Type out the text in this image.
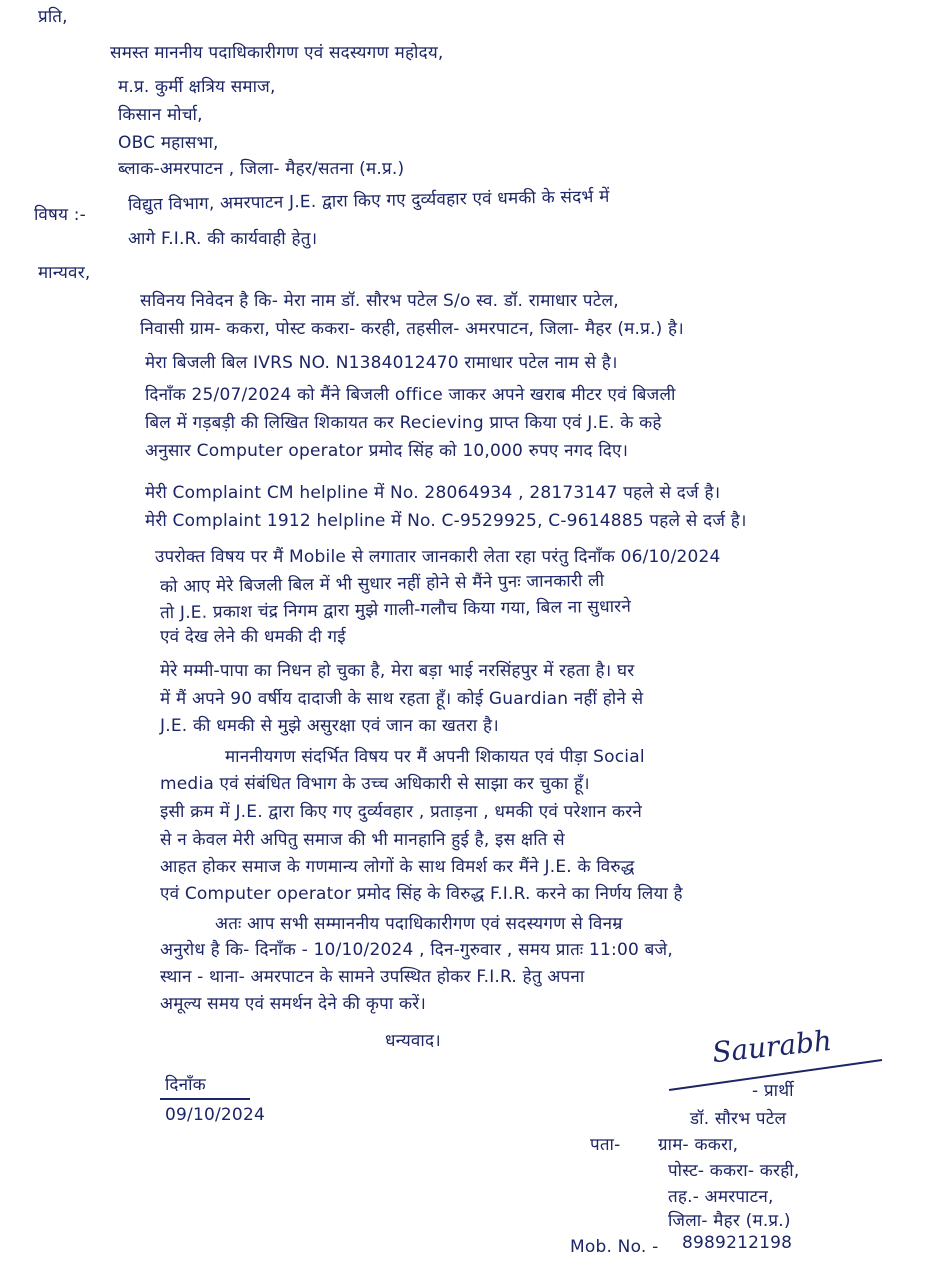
प्रति,
समस्त माननीय पदाधिकारीगण एवं सदस्यगण महोदय,
म.प्र. कुर्मी क्षत्रिय समाज,
किसान मोर्चा,
OBC महासभा,
ब्लाक-अमरपाटन , जिला- मैहर/सतना (म.प्र.)
विषय :- विद्युत विभाग, अमरपाटन J.E. द्वारा किए गए दुर्व्यवहार एवं धमकी के संदर्भ में
आगे F.I.R. की कार्यवाही हेतु।
मान्यवर,
सविनय निवेदन है कि- मेरा नाम डॉ. सौरभ पटेल S/o स्व. डॉ. रामाधार पटेल,
निवासी ग्राम- ककरा, पोस्ट ककरा- करही, तहसील- अमरपाटन, जिला- मैहर (म.प्र.) है।
मेरा बिजली बिल IVRS NO. N1384012470 रामाधार पटेल नाम से है।
दिनाँक 25/07/2024 को मैंने बिजली office जाकर अपने खराब मीटर एवं बिजली
बिल में गड़बड़ी की लिखित शिकायत कर Recieving प्राप्त किया एवं J.E. के कहे
अनुसार Computer operator प्रमोद सिंह को 10,000 रुपए नगद दिए।
मेरी Complaint CM helpline में No. 28064934 , 28173147 पहले से दर्ज है।
मेरी Complaint 1912 helpline में No. C-9529925, C-9614885 पहले से दर्ज है।
उपरोक्त विषय पर मैं Mobile से लगातार जानकारी लेता रहा परंतु दिनाँक 06/10/2024
को आए मेरे बिजली बिल में भी सुधार नहीं होने से मैंने पुनः जानकारी ली
तो J.E. प्रकाश चंद्र निगम द्वारा मुझे गाली-गलौच किया गया, बिल ना सुधारने
एवं देख लेने की धमकी दी गई
मेरे मम्मी-पापा का निधन हो चुका है, मेरा बड़ा भाई नरसिंहपुर में रहता है। घर
में मैं अपने 90 वर्षीय दादाजी के साथ रहता हूँ। कोई Guardian नहीं होने से
J.E. की धमकी से मुझे असुरक्षा एवं जान का खतरा है।
माननीयगण संदर्भित विषय पर मैं अपनी शिकायत एवं पीड़ा Social
media एवं संबंधित विभाग के उच्च अधिकारी से साझा कर चुका हूँ।
इसी क्रम में J.E. द्वारा किए गए दुर्व्यवहार , प्रताड़ना , धमकी एवं परेशान करने
से न केवल मेरी अपितु समाज की भी मानहानि हुई है, इस क्षति से
आहत होकर समाज के गणमान्य लोगों के साथ विमर्श कर मैंने J.E. के विरुद्ध
एवं Computer operator प्रमोद सिंह के विरुद्ध F.I.R. करने का निर्णय लिया है
अतः आप सभी सम्माननीय पदाधिकारीगण एवं सदस्यगण से विनम्र
अनुरोध है कि- दिनाँक - 10/10/2024 , दिन-गुरुवार , समय प्रातः 11:00 बजे,
स्थान - थाना- अमरपाटन के सामने उपस्थित होकर F.I.R. हेतु अपना
अमूल्य समय एवं समर्थन देने की कृपा करें।
धन्यवाद।	Saurabh
- प्रार्थी
डॉ. सौरभ पटेल
दिनाँक
09/10/2024
पता- ग्राम- ककरा,
पोस्ट- ककरा- करही,
तह.- अमरपाटन,
जिला- मैहर (म.प्र.)
Mob. No. - 8989212198
